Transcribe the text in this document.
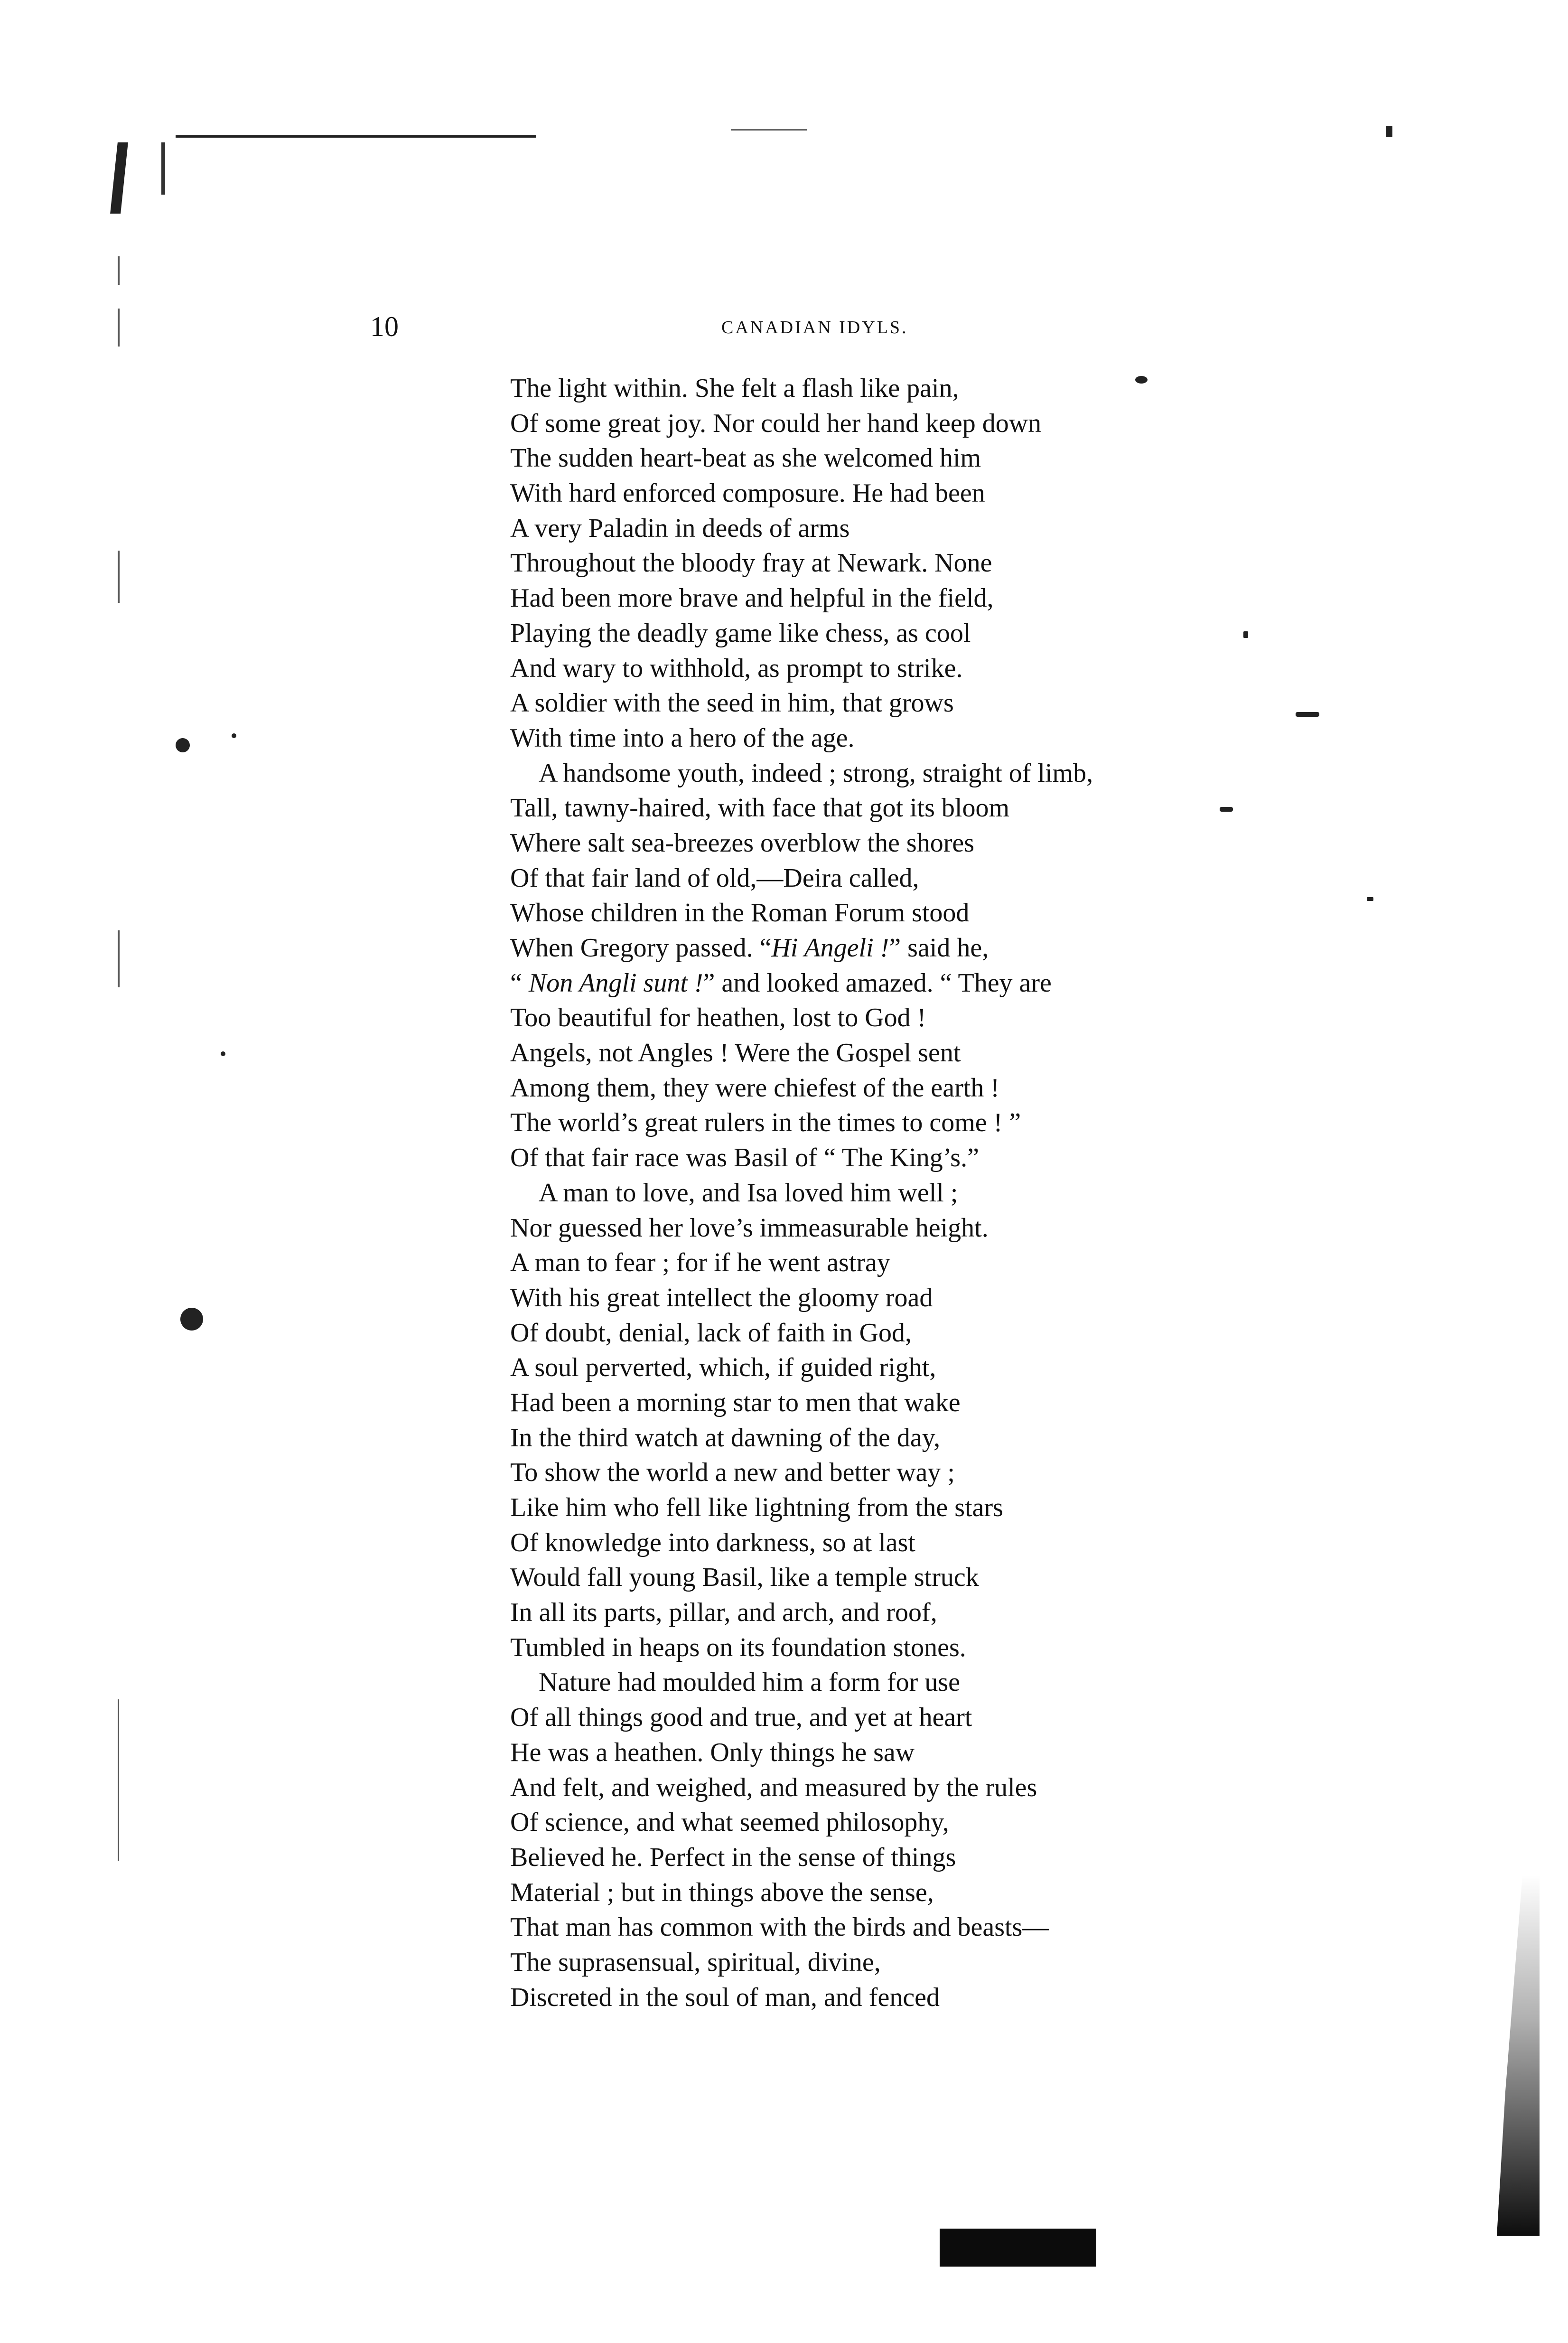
10	CANADIAN IDYLS.
The light within. She felt a flash like pain,
Of some great joy. Nor could her hand keep down
The sudden heart-beat as she welcomed him
With hard enforced composure. He had been
A very Paladin in deeds of arms
Throughout the bloody fray at Newark. None
Had been more brave and helpful in the field,
Playing the deadly game like chess, as cool
And wary to withhold, as prompt to strike.
A soldier with the seed in him, that grows
With time into a hero of the age.
A handsome youth, indeed ; strong, straight of limb,
Tall, tawny-haired, with face that got its bloom
Where salt sea-breezes overblow the shores
Of that fair land of old,—Deira called,
Whose children in the Roman Forum stood
When Gregory passed. “Hi Angeli !” said he,
“ Non Angli sunt !” and looked amazed. “ They are
Too beautiful for heathen, lost to God !
Angels, not Angles ! Were the Gospel sent
Among them, they were chiefest of the earth !
The world’s great rulers in the times to come ! ”
Of that fair race was Basil of “ The King’s.”
A man to love, and Isa loved him well ;
Nor guessed her love’s immeasurable height.
A man to fear ; for if he went astray
With his great intellect the gloomy road
Of doubt, denial, lack of faith in God,
A soul perverted, which, if guided right,
Had been a morning star to men that wake
In the third watch at dawning of the day,
To show the world a new and better way ;
Like him who fell like lightning from the stars
Of knowledge into darkness, so at last
Would fall young Basil, like a temple struck
In all its parts, pillar, and arch, and roof,
Tumbled in heaps on its foundation stones.
Nature had moulded him a form for use
Of all things good and true, and yet at heart
He was a heathen. Only things he saw
And felt, and weighed, and measured by the rules
Of science, and what seemed philosophy,
Believed he. Perfect in the sense of things
Material ; but in things above the sense,
That man has common with the birds and beasts—
The suprasensual, spiritual, divine,
Discreted in the soul of man, and fenced
